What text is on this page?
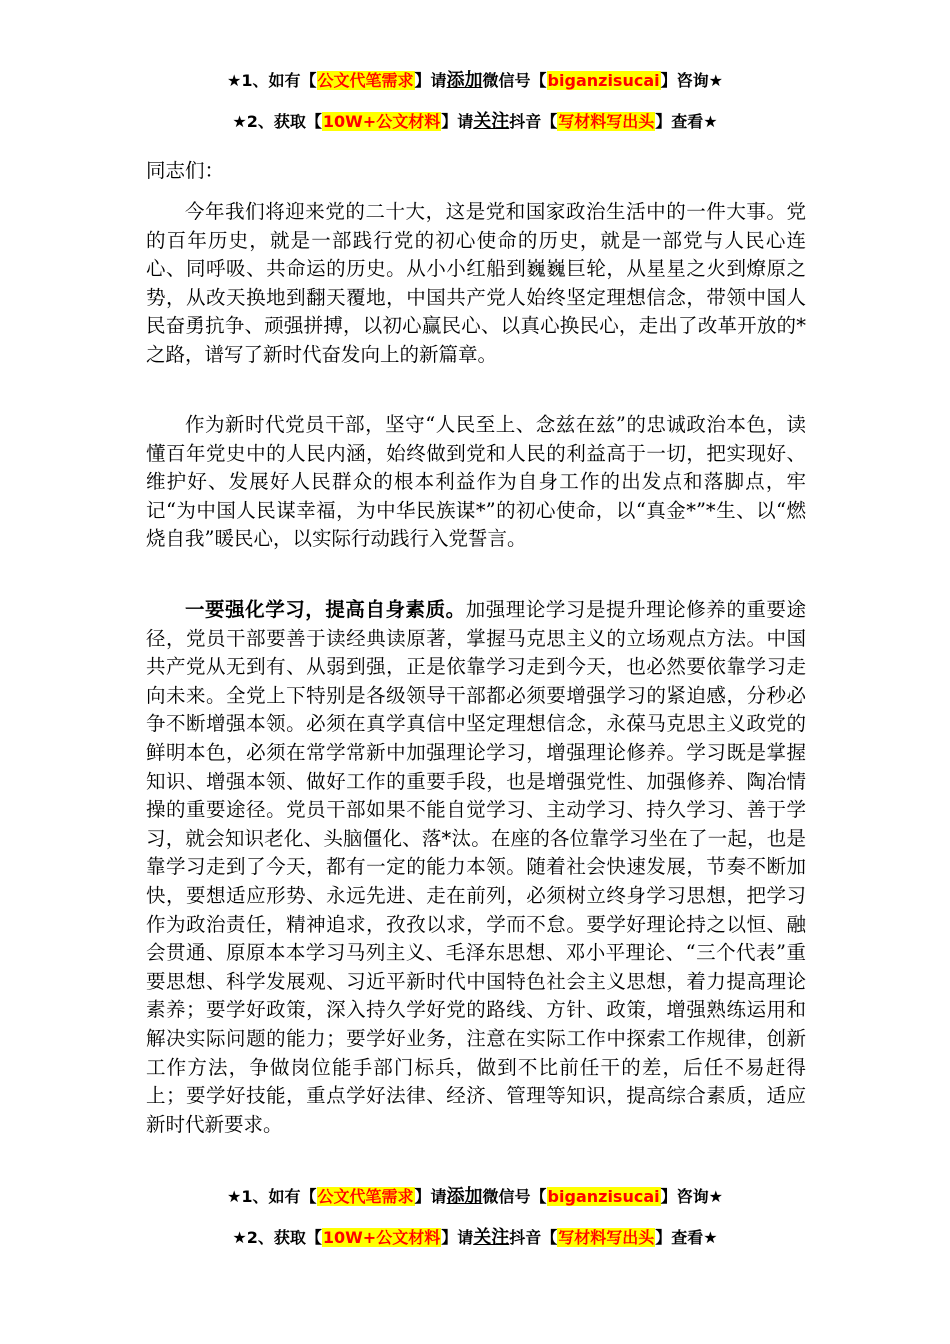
★1、如有【公文代笔需求】请添加微信号【biganzisucai】咨询★
★2、获取【10W+公文材料】请关注抖音【写材料写出头】查看★
同志们：

今年我们将迎来党的二十大，这是党和国家政治生活中的一件大事。党的百年历史，就是一部践行党的初心使命的历史，就是一部党与人民心连心、同呼吸、共命运的历史。从小小红船到巍巍巨轮，从星星之火到燎原之势，从改天换地到翻天覆地，中国共产党人始终坚定理想信念，带领中国人民奋勇抗争、顽强拼搏，以初心赢民心、以真心换民心，走出了改革开放的*之路，谱写了新时代奋发向上的新篇章。

作为新时代党员干部，坚守“人民至上、念兹在兹”的忠诚政治本色，读懂百年党史中的人民内涵，始终做到党和人民的利益高于一切，把实现好、维护好、发展好人民群众的根本利益作为自身工作的出发点和落脚点，牢记“为中国人民谋幸福，为中华民族谋*”的初心使命，以“真金*”*生、以“燃烧自我”暖民心，以实际行动践行入党誓言。

一要强化学习，提高自身素质。加强理论学习是提升理论修养的重要途径，党员干部要善于读经典读原著，掌握马克思主义的立场观点方法。中国共产党从无到有、从弱到强，正是依靠学习走到今天，也必然要依靠学习走向未来。全党上下特别是各级领导干部都必须要增强学习的紧迫感，分秒必争不断增强本领。必须在真学真信中坚定理想信念，永葆马克思主义政党的鲜明本色，必须在常学常新中加强理论学习，增强理论修养。学习既是掌握知识、增强本领、做好工作的重要手段，也是增强党性、加强修养、陶冶情操的重要途径。党员干部如果不能自觉学习、主动学习、持久学习、善于学习，就会知识老化、头脑僵化、落*汰。在座的各位靠学习坐在了一起，也是靠学习走到了今天，都有一定的能力本领。随着社会快速发展，节奏不断加快，要想适应形势、永远先进、走在前列，必须树立终身学习思想，把学习作为政治责任，精神追求，孜孜以求，学而不怠。要学好理论持之以恒、融会贯通、原原本本学习马列主义、毛泽东思想、邓小平理论、“三个代表”重要思想、科学发展观、习近平新时代中国特色社会主义思想，着力提高理论素养；要学好政策，深入持久学好党的路线、方针、政策，增强熟练运用和解决实际问题的能力；要学好业务，注意在实际工作中探索工作规律，创新工作方法，争做岗位能手部门标兵，做到不比前任干的差，后任不易赶得上；要学好技能，重点学好法律、经济、管理等知识，提高综合素质，适应新时代新要求。

★1、如有【公文代笔需求】请添加微信号【biganzisucai】咨询★
★2、获取【10W+公文材料】请关注抖音【写材料写出头】查看★
